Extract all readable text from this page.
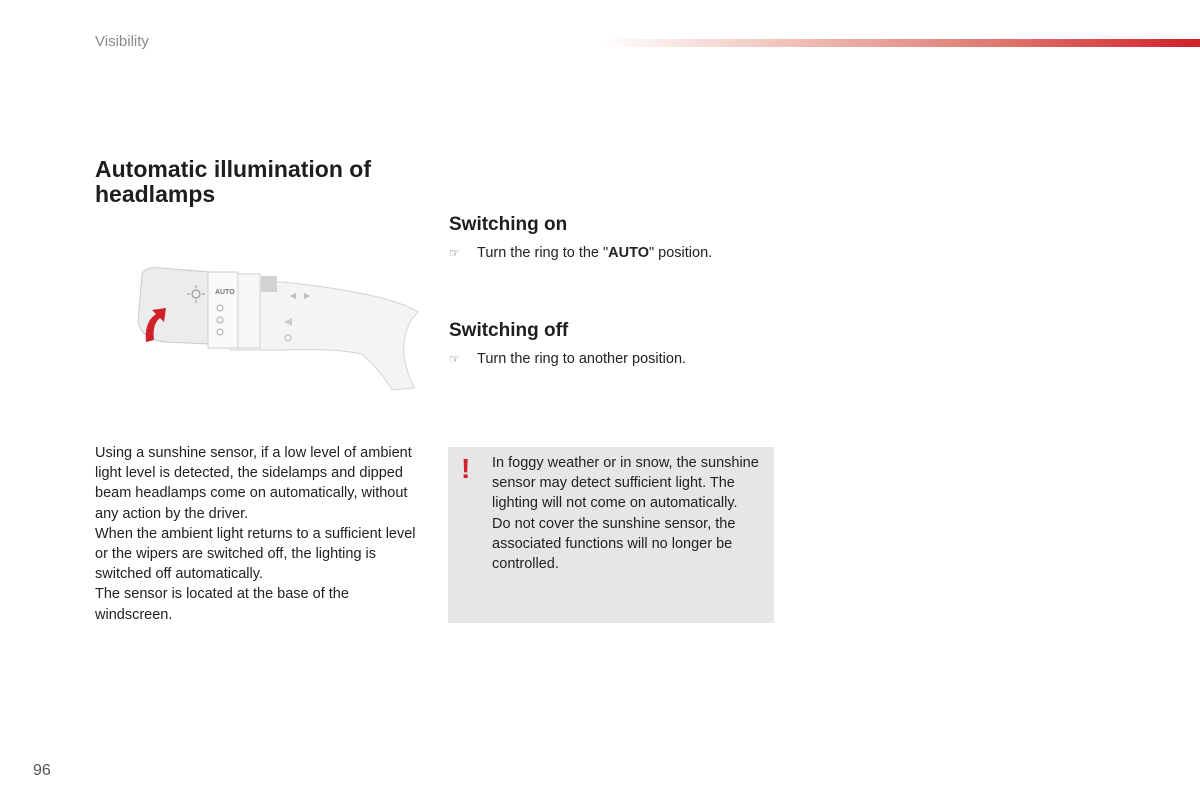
Visibility
Automatic illumination of
headlamps
AUTO

Using a sunshine sensor, if a low level of ambient light level is detected, the sidelamps and dipped beam headlamps come on automatically, without any action by the driver.

When the ambient light returns to a sufficient level or the wipers are switched off, the lighting is switched off automatically.

The sensor is located at the base of the windscreen.

Switching on
☞ Turn the ring to the "AUTO" position.
Switching off
☞ Turn the ring to another position.
! In foggy weather or in snow, the sunshine sensor may detect sufficient light. The lighting will not come on automatically.

Do not cover the sunshine sensor, the associated functions will no longer be controlled.

96
